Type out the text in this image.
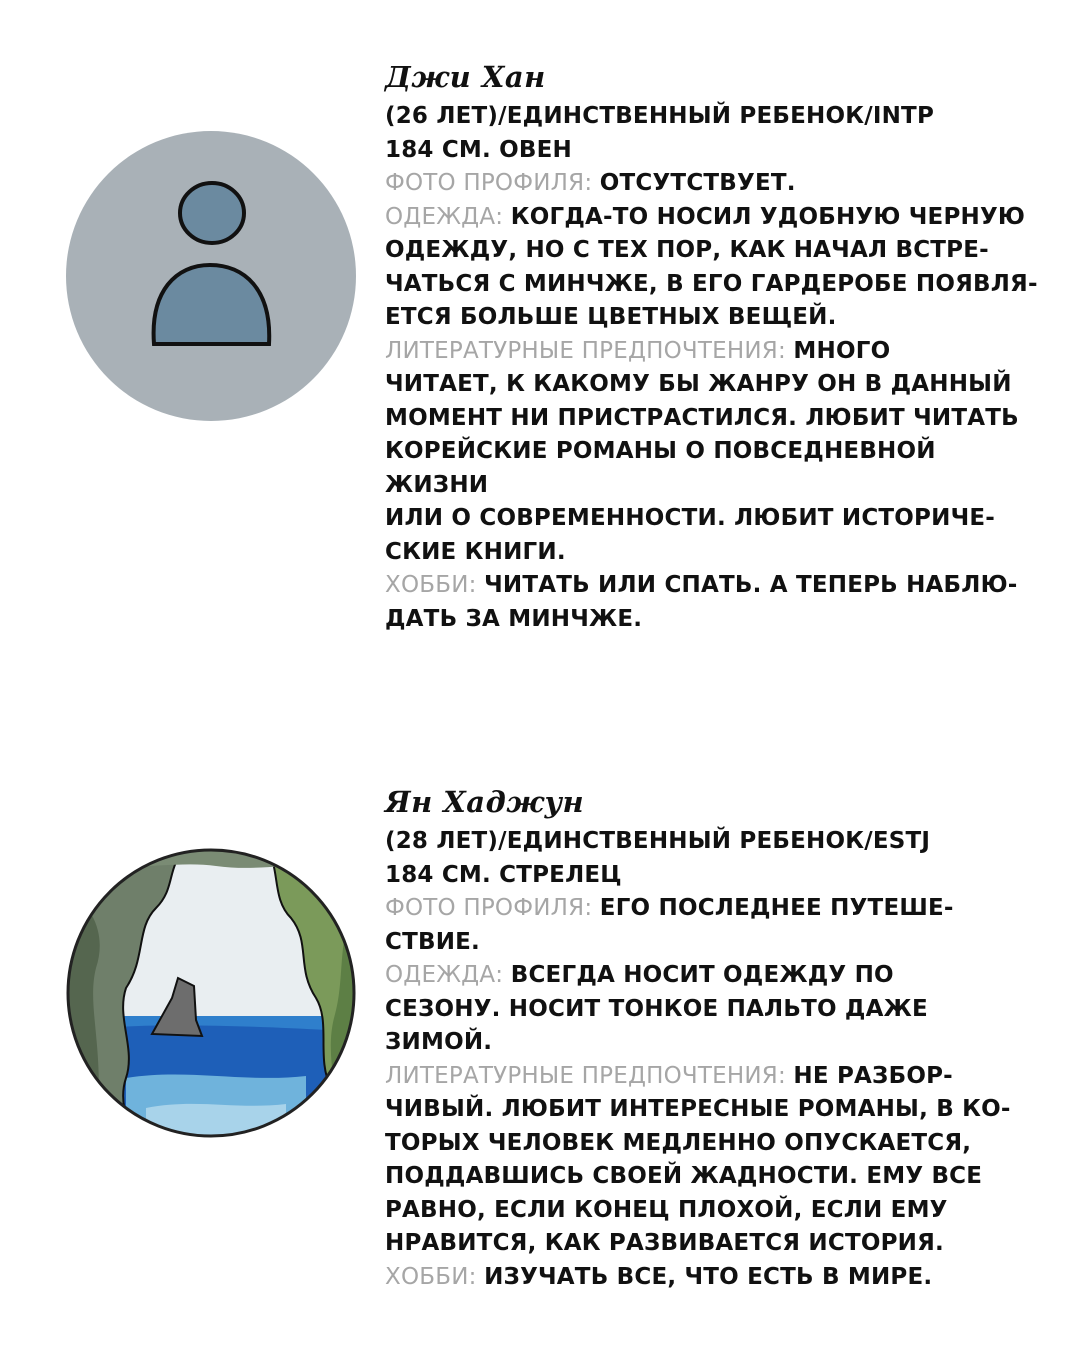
Джи Хан

(26 ЛЕТ)/ЕДИНСТВЕННЫЙ РЕБЕНОК/INTP

184 СМ. ОВЕН

ФОТО ПРОФИЛЯ: ОТСУТСТВУЕТ.

ОДЕЖДА: КОГДА-ТО НОСИЛ УДОБНУЮ ЧЕРНУЮ

ОДЕЖДУ, НО С ТЕХ ПОР, КАК НАЧАЛ ВСТРЕ-

ЧАТЬСЯ С МИНЧЖЕ, В ЕГО ГАРДЕРОБЕ ПОЯВЛЯ-

ЕТСЯ БОЛЬШЕ ЦВЕТНЫХ ВЕЩЕЙ.

ЛИТЕРАТУРНЫЕ ПРЕДПОЧТЕНИЯ: МНОГО

ЧИТАЕТ, К КАКОМУ БЫ ЖАНРУ ОН В ДАННЫЙ

МОМЕНТ НИ ПРИСТРАСТИЛСЯ. ЛЮБИТ ЧИТАТЬ

КОРЕЙСКИЕ РОМАНЫ О ПОВСЕДНЕВНОЙ ЖИЗНИ

ИЛИ О СОВРЕМЕННОСТИ. ЛЮБИТ ИСТОРИЧЕ-

СКИЕ КНИГИ.

ХОББИ: ЧИТАТЬ ИЛИ СПАТЬ. А ТЕПЕРЬ НАБЛЮ-

ДАТЬ ЗА МИНЧЖЕ.

Ян Хаджун

(28 ЛЕТ)/ЕДИНСТВЕННЫЙ РЕБЕНОК/ESTJ

184 СМ. СТРЕЛЕЦ

ФОТО ПРОФИЛЯ: ЕГО ПОСЛЕДНЕЕ ПУТЕШЕ-

СТВИЕ.

ОДЕЖДА: ВСЕГДА НОСИТ ОДЕЖДУ ПО

СЕЗОНУ. НОСИТ ТОНКОЕ ПАЛЬТО ДАЖЕ

ЗИМОЙ.

ЛИТЕРАТУРНЫЕ ПРЕДПОЧТЕНИЯ: НЕ РАЗБОР-

ЧИВЫЙ. ЛЮБИТ ИНТЕРЕСНЫЕ РОМАНЫ, В КО-

ТОРЫХ ЧЕЛОВЕК МЕДЛЕННО ОПУСКАЕТСЯ,

ПОДДАВШИСЬ СВОЕЙ ЖАДНОСТИ. ЕМУ ВСЕ

РАВНО, ЕСЛИ КОНЕЦ ПЛОХОЙ, ЕСЛИ ЕМУ

НРАВИТСЯ, КАК РАЗВИВАЕТСЯ ИСТОРИЯ.

ХОББИ: ИЗУЧАТЬ ВСЕ, ЧТО ЕСТЬ В МИРЕ.
